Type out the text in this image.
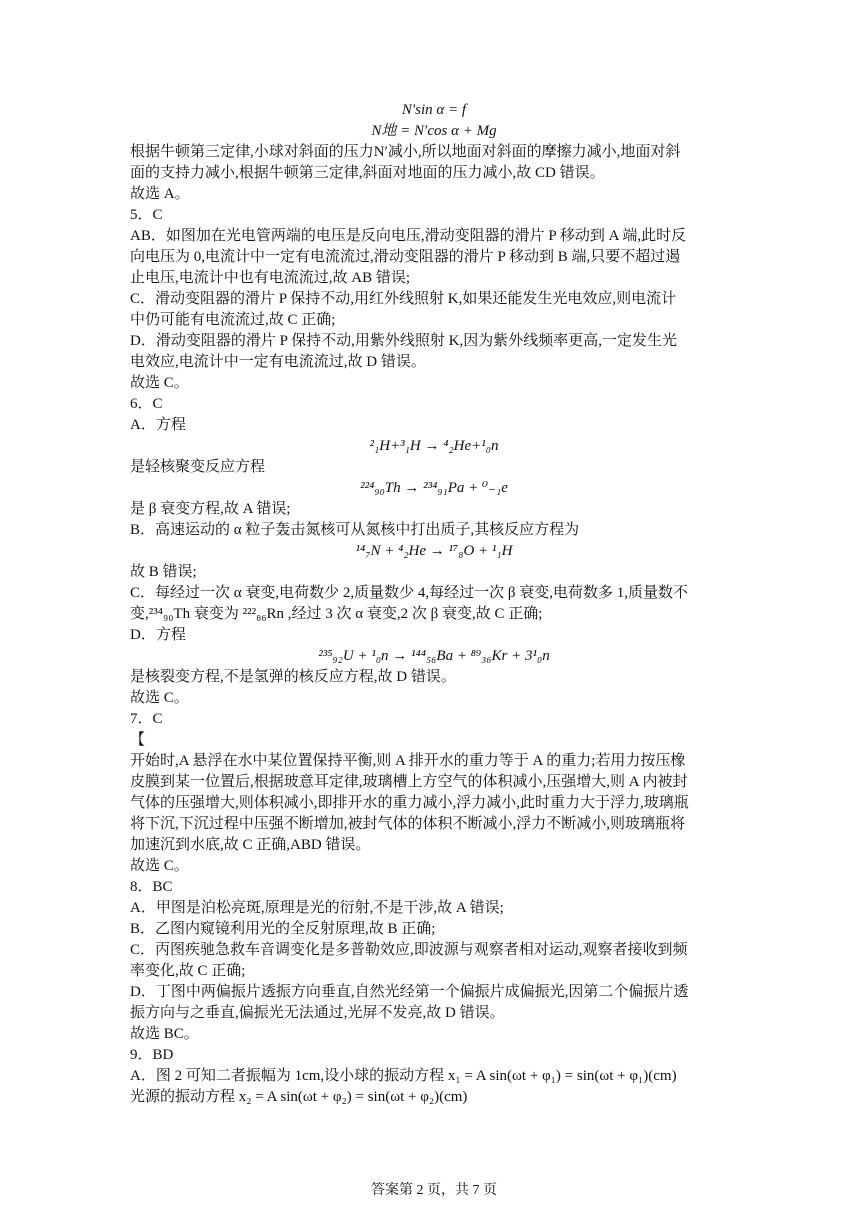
N′sin α = f
N地 = N′cos α + Mg
根据牛顿第三定律,小球对斜面的压力N′减小,所以地面对斜面的摩擦力减小,地面对斜
面的支持力减小,根据牛顿第三定律,斜面对地面的压力减小,故 CD 错误。
故选 A。
5．C
AB．如图加在光电管两端的电压是反向电压,滑动变阻器的滑片 P 移动到 A 端,此时反
向电压为 0,电流计中一定有电流流过,滑动变阻器的滑片 P 移动到 B 端,只要不超过遏
止电压,电流计中也有电流流过,故 AB 错误;
C．滑动变阻器的滑片 P 保持不动,用红外线照射 K,如果还能发生光电效应,则电流计
中仍可能有电流流过,故 C 正确;
D．滑动变阻器的滑片 P 保持不动,用紫外线照射 K,因为紫外线频率更高,一定发生光
电效应,电流计中一定有电流流过,故 D 错误。
故选 C。
6．C
A．方程
²₁H+³₁H → ⁴₂He+¹₀n
是轻核聚变反应方程
²²⁴₉₀Th → ²³⁴₉₁Pa + ⁰₋₁e
是 β 衰变方程,故 A 错误;
B．高速运动的 α 粒子轰击氮核可从氮核中打出质子,其核反应方程为
¹⁴₇N + ⁴₂He → ¹⁷₈O + ¹₁H
故 B 错误;
C．每经过一次 α 衰变,电荷数少 2,质量数少 4,每经过一次 β 衰变,电荷数多 1,质量数不
变,²³⁴₉₀Th 衰变为 ²²²₈₆Rn ,经过 3 次 α 衰变,2 次 β 衰变,故 C 正确;
D．方程
²³⁵₉₂U + ¹₀n → ¹⁴⁴₅₆Ba + ⁸⁹₃₆Kr + 3¹₀n
是核裂变方程,不是氢弹的核反应方程,故 D 错误。
故选 C。
7．C
【
开始时,A 悬浮在水中某位置保持平衡,则 A 排开水的重力等于 A 的重力;若用力按压橡
皮膜到某一位置后,根据玻意耳定律,玻璃槽上方空气的体积减小,压强增大,则 A 内被封
气体的压强增大,则体积减小,即排开水的重力减小,浮力减小,此时重力大于浮力,玻璃瓶
将下沉,下沉过程中压强不断增加,被封气体的体积不断减小,浮力不断减小,则玻璃瓶将
加速沉到水底,故 C 正确,ABD 错误。
故选 C。
8．BC
A．甲图是泊松亮斑,原理是光的衍射,不是干涉,故 A 错误;
B．乙图内窥镜利用光的全反射原理,故 B 正确;
C．丙图疾驰急救车音调变化是多普勒效应,即波源与观察者相对运动,观察者接收到频
率变化,故 C 正确;
D．丁图中两偏振片透振方向垂直,自然光经第一个偏振片成偏振光,因第二个偏振片透
振方向与之垂直,偏振光无法通过,光屏不发亮,故 D 错误。
故选 BC。
9．BD
A．图 2 可知二者振幅为 1cm,设小球的振动方程 x₁ = A sin(ωt + φ₁) = sin(ωt + φ₁)(cm)
光源的振动方程 x₂ = A sin(ωt + φ₂) = sin(ωt + φ₂)(cm)
答案第 2 页，共 7 页
